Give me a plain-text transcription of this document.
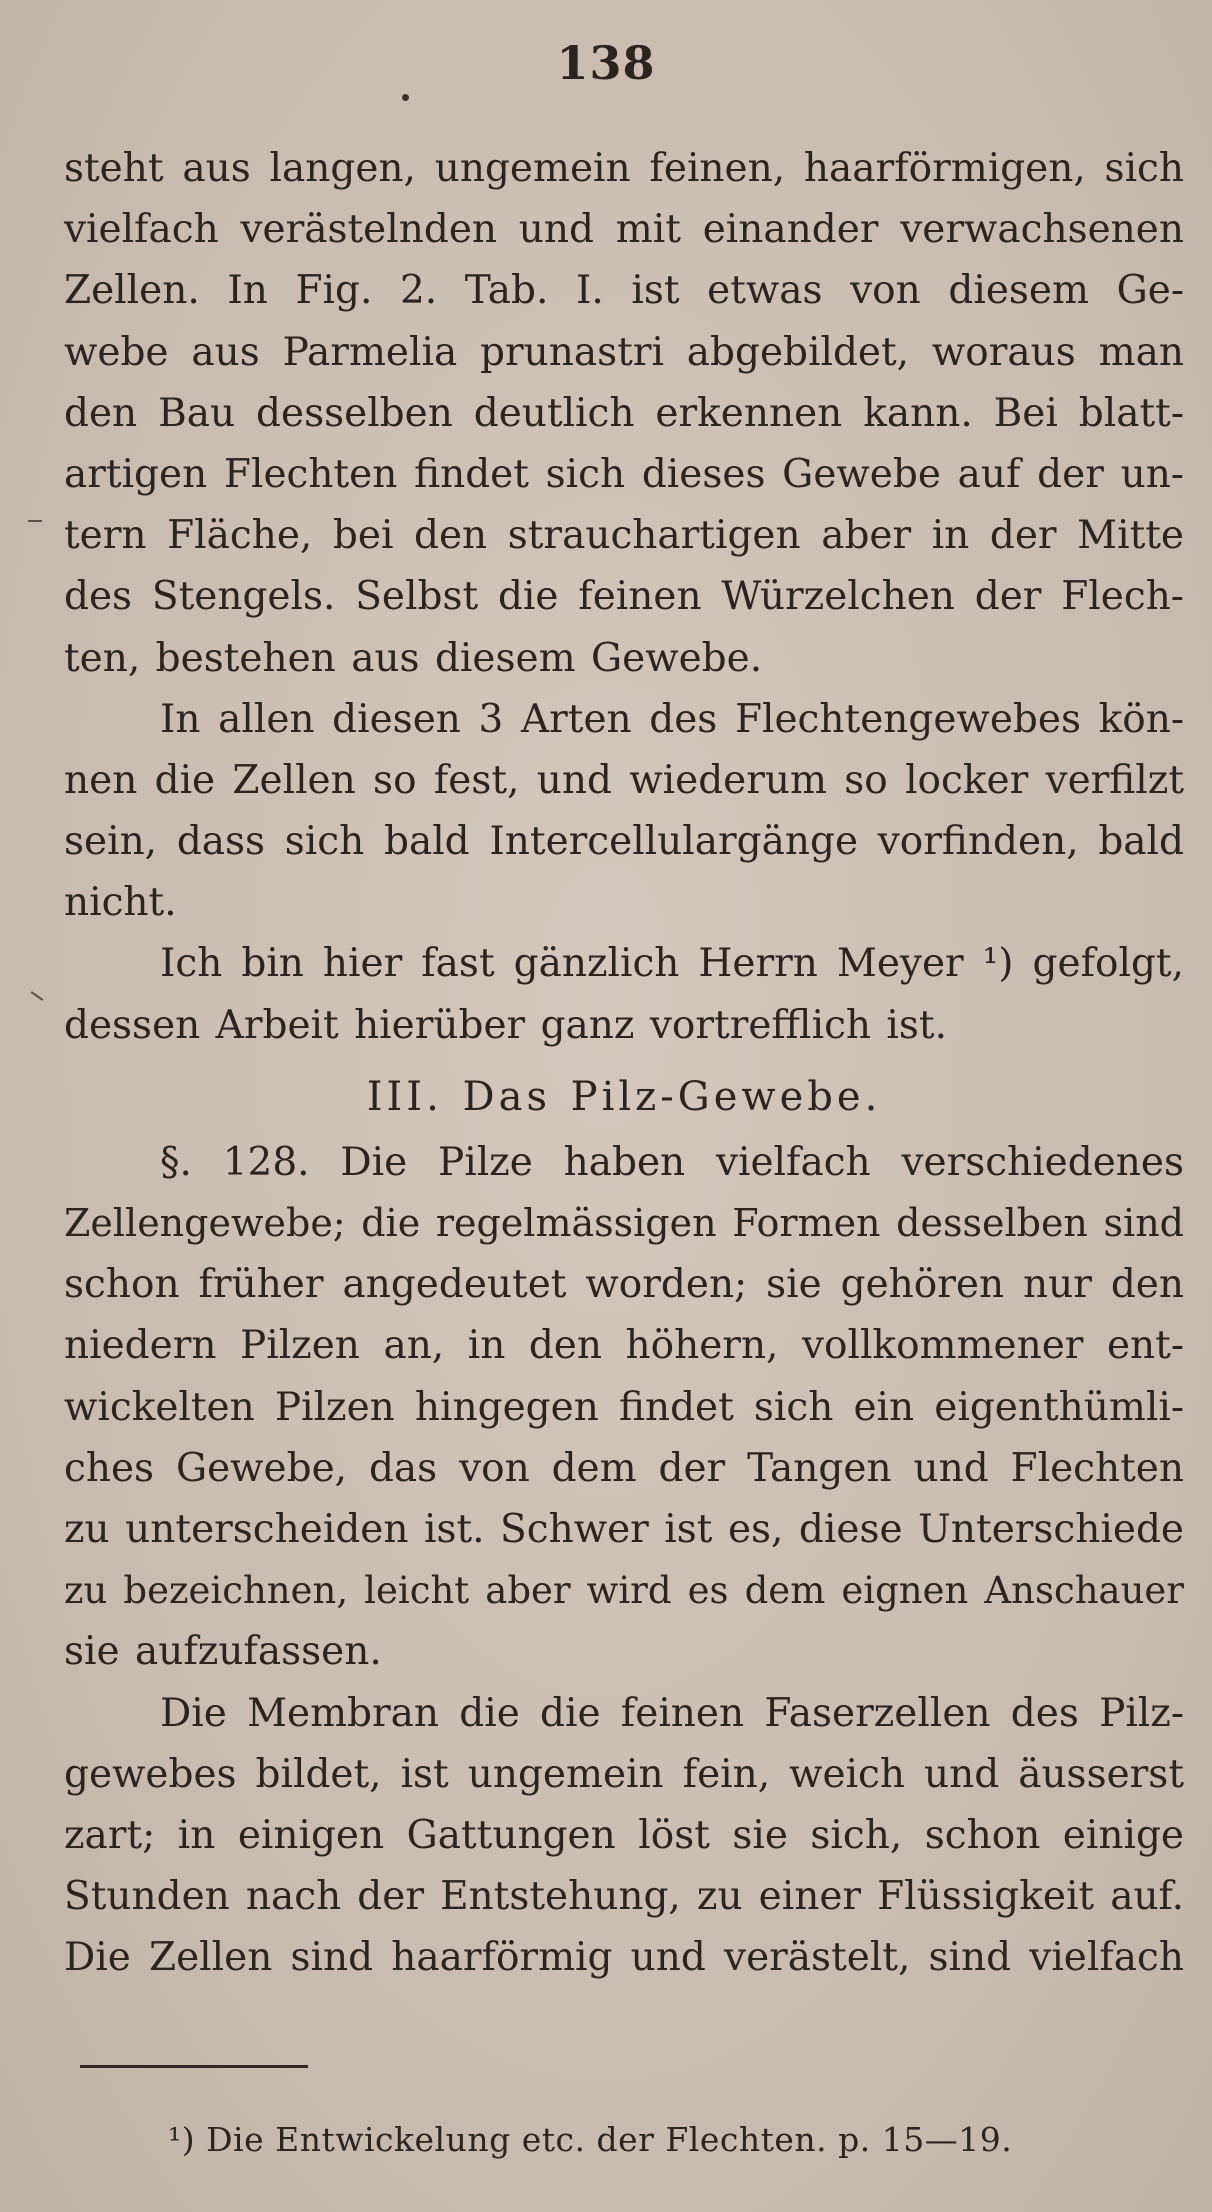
138
steht aus langen, ungemein feinen, haarförmigen, sich
vielfach verästelnden und mit einander verwachsenen
Zellen. In Fig. 2. Tab. I. ist etwas von diesem Ge-
webe aus Parmelia prunastri abgebildet, woraus man
den Bau desselben deutlich erkennen kann. Bei blatt-
artigen Flechten findet sich dieses Gewebe auf der un-
tern Fläche, bei den strauchartigen aber in der Mitte
des Stengels. Selbst die feinen Würzelchen der Flech-
ten, bestehen aus diesem Gewebe.
In allen diesen 3 Arten des Flechtengewebes kön-
nen die Zellen so fest, und wiederum so locker verfilzt
sein, dass sich bald Intercellulargänge vorfinden, bald
nicht.
Ich bin hier fast gänzlich Herrn Meyer ¹) gefolgt,
dessen Arbeit hierüber ganz vortrefflich ist.
III. Das Pilz-Gewebe.
§. 128. Die Pilze haben vielfach verschiedenes
Zellengewebe; die regelmässigen Formen desselben sind
schon früher angedeutet worden; sie gehören nur den
niedern Pilzen an, in den höhern, vollkommener ent-
wickelten Pilzen hingegen findet sich ein eigenthümli-
ches Gewebe, das von dem der Tangen und Flechten
zu unterscheiden ist. Schwer ist es, diese Unterschiede
zu bezeichnen, leicht aber wird es dem eignen Anschauer
sie aufzufassen.
Die Membran die die feinen Faserzellen des Pilz-
gewebes bildet, ist ungemein fein, weich und äusserst
zart; in einigen Gattungen löst sie sich, schon einige
Stunden nach der Entstehung, zu einer Flüssigkeit auf.
Die Zellen sind haarförmig und verästelt, sind vielfach
¹) Die Entwickelung etc. der Flechten. p. 15—19.
